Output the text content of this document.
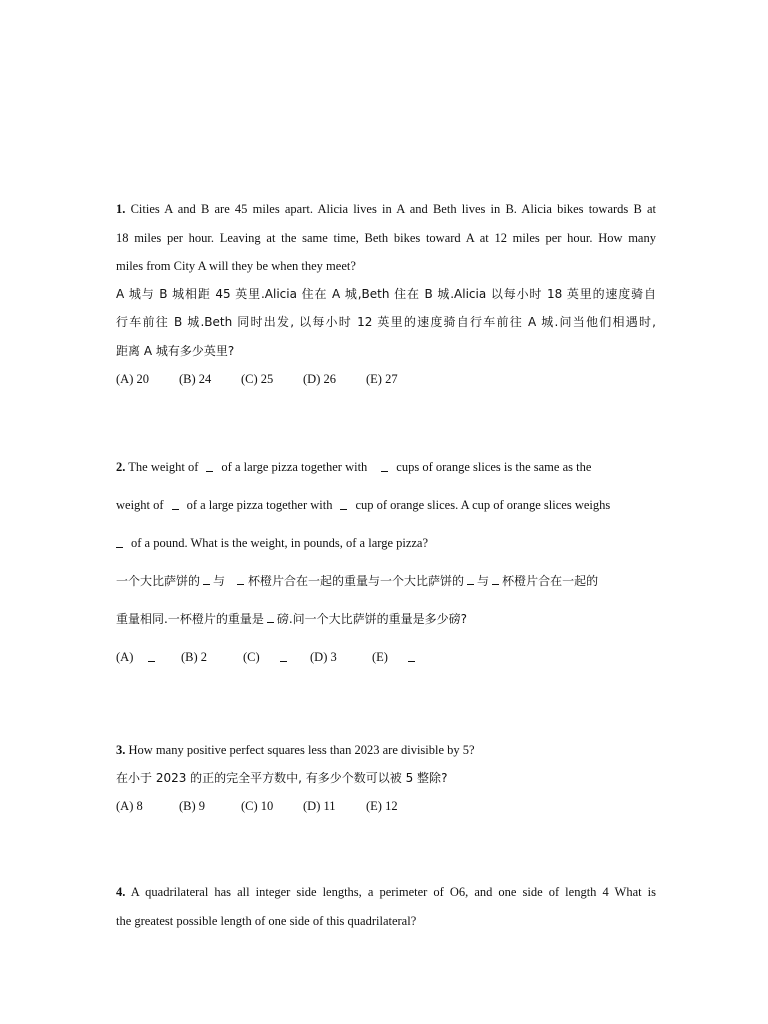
1. Cities A and B are 45 miles apart. Alicia lives in A and Beth lives in B. Alicia bikes towards B at
18 miles per hour. Leaving at the same time, Beth bikes toward A at 12 miles per hour. How many
miles from City A will they be when they meet?
A 城与 B 城相距 45 英里.Alicia 住在 A 城,Beth 住在 B 城.Alicia 以每小时 18 英里的速度骑自
行车前往 B 城.Beth 同时出发, 以每小时 12 英里的速度骑自行车前往 A 城.问当他们相遇时,
距离 A 城有多少英里?
(A) 20 (B) 24 (C) 25 (D) 26 (E) 27
2. The weight of of a large pizza together with cups of orange slices is the same as the
weight of of a large pizza together with cup of orange slices. A cup of orange slices weighs
of a pound. What is the weight, in pounds, of a large pizza?
一个大比萨饼的 与 杯橙片合在一起的重量与一个大比萨饼的 与 杯橙片合在一起的
重量相同.一杯橙片的重量是 磅.问一个大比萨饼的重量是多少磅?
(A)	(B) 2	(C)	(D) 3	(E)
3. How many positive perfect squares less than 2023 are divisible by 5?
在小于 2023 的正的完全平方数中, 有多少个数可以被 5 整除?
(A) 8	(B) 9	(C) 10 (D) 11 (E) 12
4. A quadrilateral has all integer side lengths, a perimeter of O6, and one side of length 4 What is
the greatest possible length of one side of this quadrilateral?
